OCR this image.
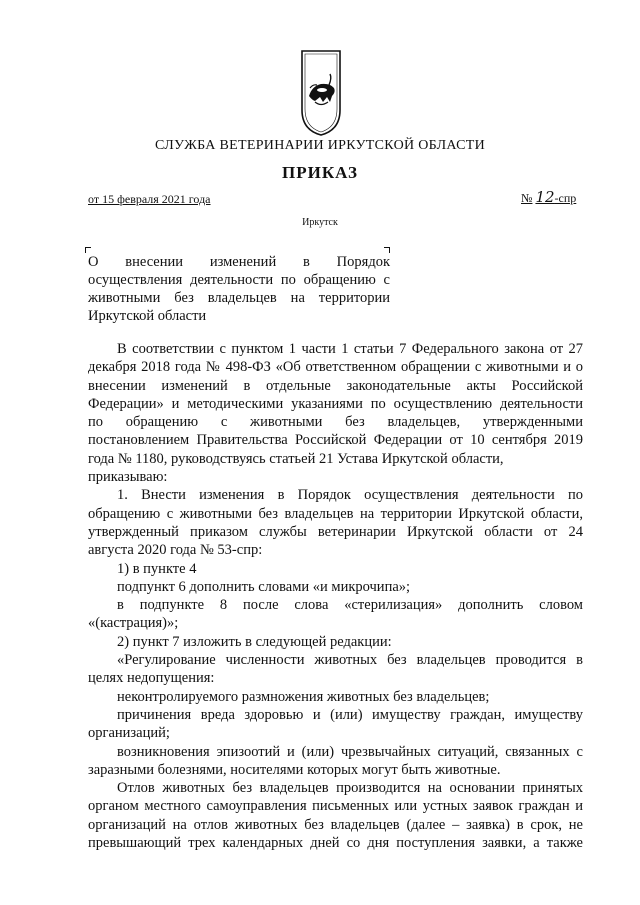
СЛУЖБА ВЕТЕРИНАРИИ ИРКУТСКОЙ ОБЛАСТИ
ПРИКАЗ
от 15 февраля 2021 года	№ 12-спр
Иркутск
О внесении изменений в Порядок
осуществления деятельности по обращению с
животными без владельцев на территории
Иркутской области
В соответствии с пунктом 1 части 1 статьи 7 Федерального закона от 27
декабря 2018 года № 498-ФЗ «Об ответственном обращении с животными и о
внесении изменений в отдельные законодательные акты Российской
Федерации» и методическими указаниями по осуществлению деятельности
по обращению с животными без владельцев, утвержденными
постановлением Правительства Российской Федерации от 10 сентября 2019
года № 1180, руководствуясь статьей 21 Устава Иркутской области,
приказываю:
1. Внести изменения в Порядок осуществления деятельности по
обращению с животными без владельцев на территории Иркутской области,
утвержденный приказом службы ветеринарии Иркутской области от 24
августа 2020 года № 53-спр:
1) в пункте 4
подпункт 6 дополнить словами «и микрочипа»;
в подпункте 8 после слова «стерилизация» дополнить словом
«(кастрация)»;
2) пункт 7 изложить в следующей редакции:
«Регулирование численности животных без владельцев проводится в
целях недопущения:
неконтролируемого размножения животных без владельцев;
причинения вреда здоровью и (или) имуществу граждан, имуществу
организаций;
возникновения эпизоотий и (или) чрезвычайных ситуаций, связанных с
заразными болезнями, носителями которых могут быть животные.
Отлов животных без владельцев производится на основании принятых
органом местного самоуправления письменных или устных заявок граждан и
организаций на отлов животных без владельцев (далее – заявка) в срок, не
превышающий трех календарных дней со дня поступления заявки, а также
